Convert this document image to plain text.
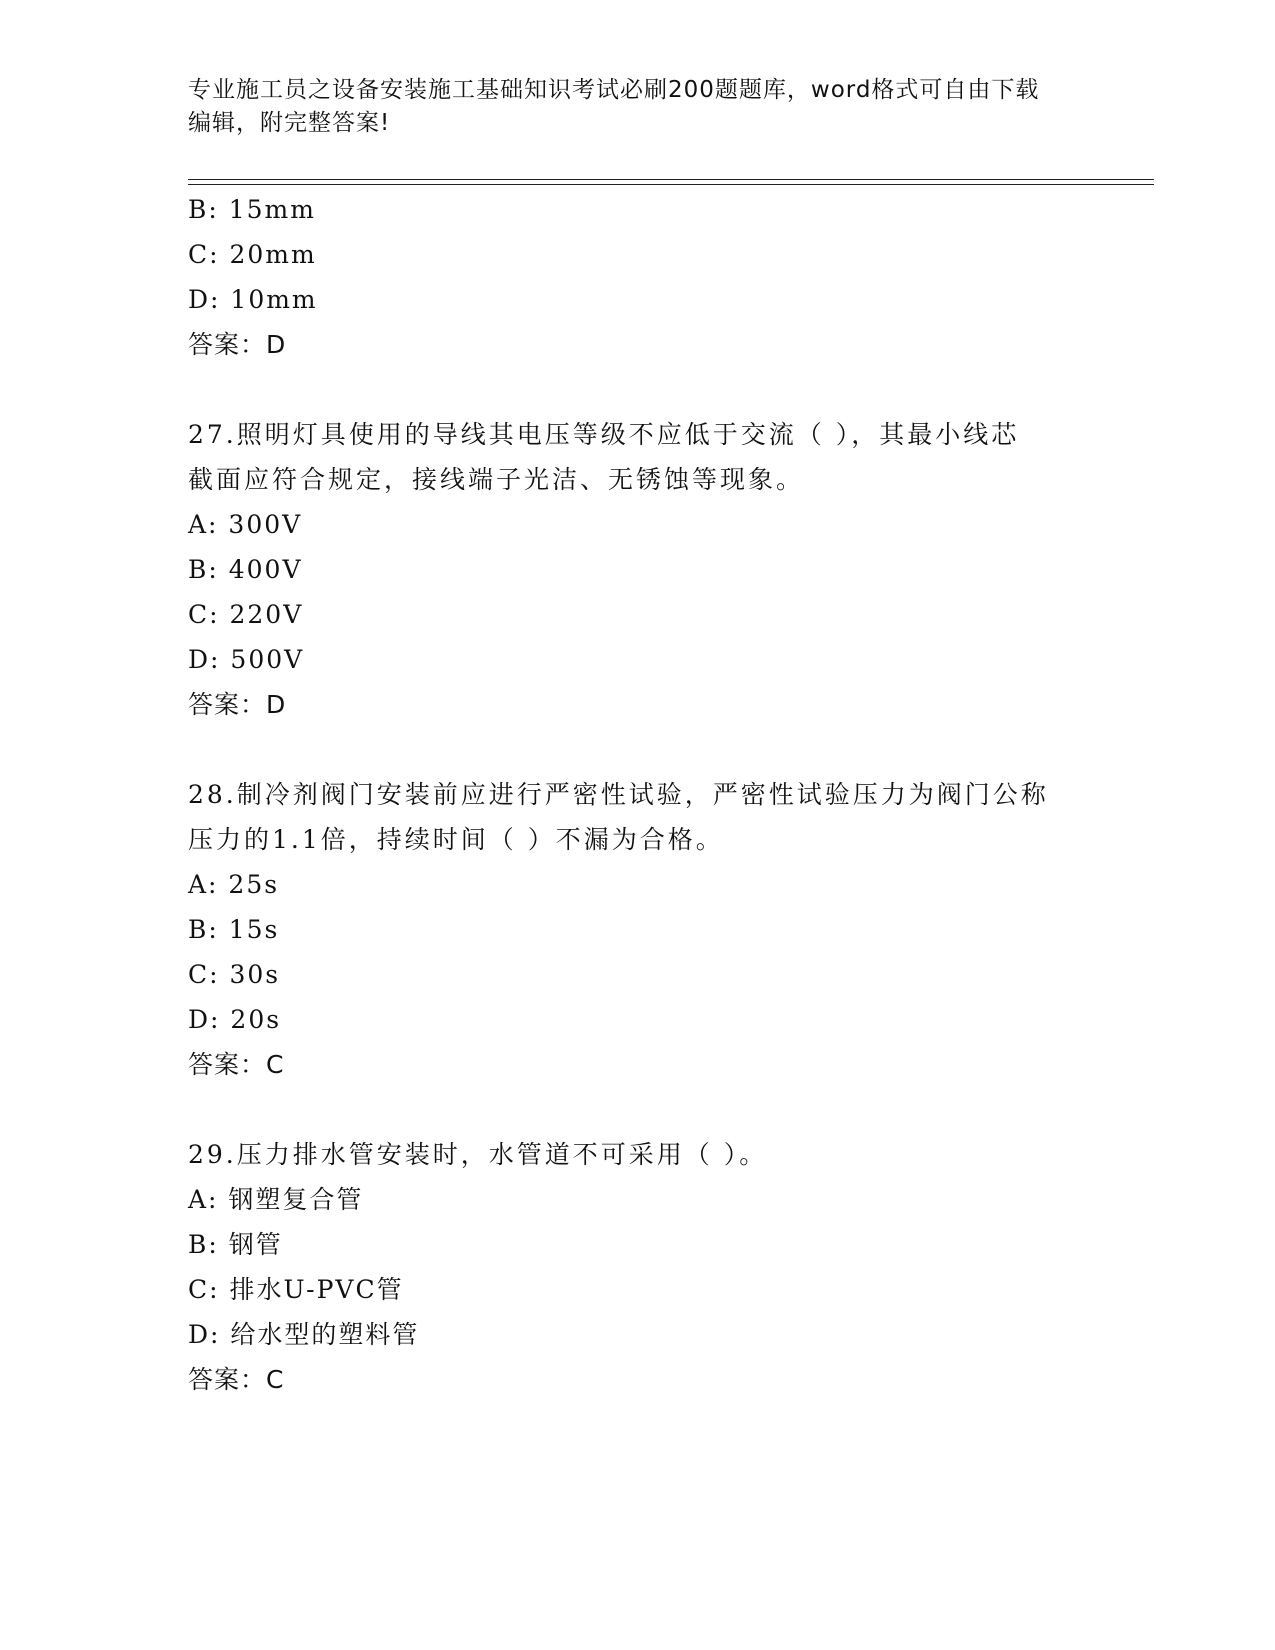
专业施工员之设备安装施工基础知识考试必刷200题题库，word格式可自由下载
编辑，附完整答案!
B: 15mm
C: 20mm
D: 10mm
答案：D
27.照明灯具使用的导线其电压等级不应低于交流（ ），其最小线芯
截面应符合规定，接线端子光洁、无锈蚀等现象。
A: 300V
B: 400V
C: 220V
D: 500V
答案：D
28.制冷剂阀门安装前应进行严密性试验，严密性试验压力为阀门公称
压力的1.1倍，持续时间（ ）不漏为合格。
A: 25s
B: 15s
C: 30s
D: 20s
答案：C
29.压力排水管安装时，水管道不可采用（ ）。
A: 钢塑复合管
B: 钢管
C: 排水U-PVC管
D: 给水型的塑料管
答案：C
